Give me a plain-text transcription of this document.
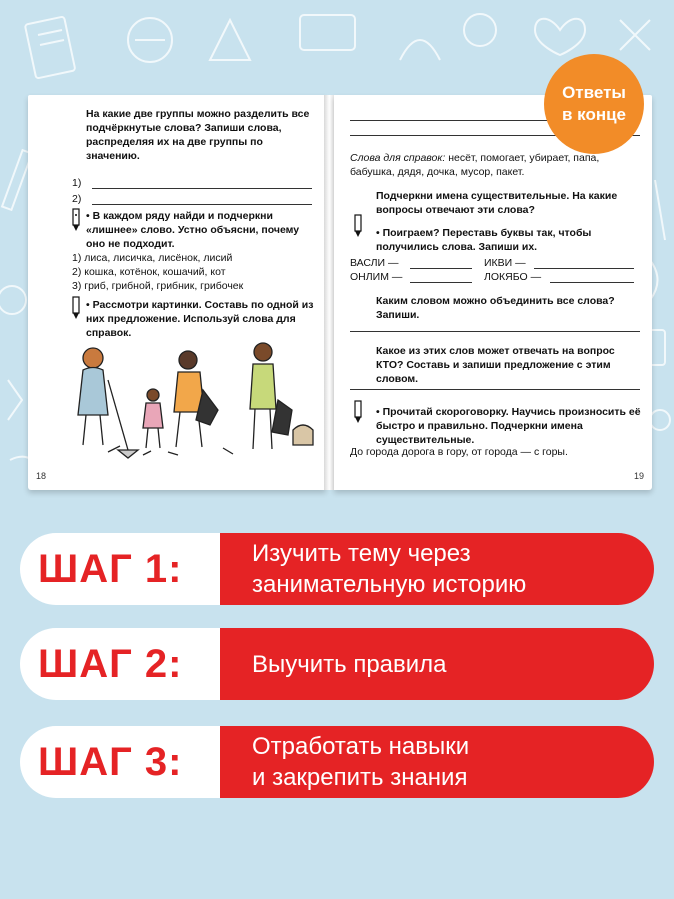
На какие две группы можно разделить все подчёркнутые слова? Запиши слова, распределяя их на две группы по значению.

1)
2)

• В каждом ряду найди и подчеркни «лишнее» слово. Устно объясни, почему оно не подходит.

1) лиса, лисичка, лисёнок, лисий
2) кошка, котёнок, кошачий, кот
3) гриб, грибной, грибник, грибочек

• Рассмотри картинки. Составь по одной из них предложение. Используй слова для справок.

18

Слова для справок: несёт, помогает, убирает, папа, бабушка, дядя, дочка, мусор, пакет.

Подчеркни имена существительные. На какие вопросы отвечают эти слова?

• Поиграем? Переставь буквы так, чтобы получились слова. Запиши их.

ВАСЛИ —	ИКВИ —
ОНЛИМ —	ЛОКЯБО —

Каким словом можно объединить все слова? Запиши.

Какое из этих слов может отвечать на вопрос КТО? Составь и запиши предложение с этим словом.

• Прочитай скороговорку. Научись произносить её быстро и правильно. Подчеркни имена существительные.

До города дорога в гору, от города — с горы.

19
Ответы
в конце
ШАГ 1:	Изучить тему через
занимательную историю
ШАГ 2:	Выучить правила
ШАГ 3:	Отработать навыки
и закрепить знания
